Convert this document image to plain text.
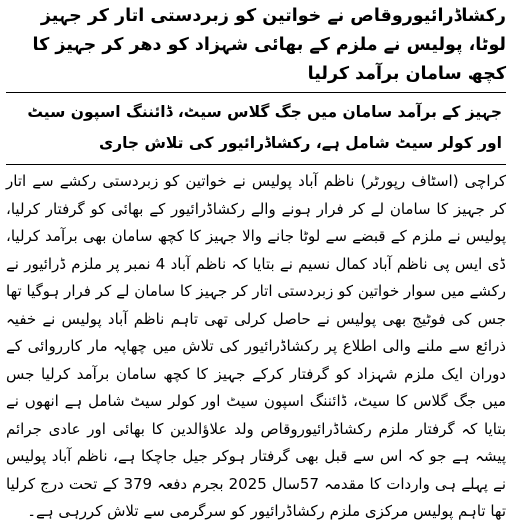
رکشاڈرائیوروقاص نے خواتین کو زبردستی اتار کر جہیز لوٹا، پولیس نے ملزم کے بھائی شہزاد کو دھر کر جہیز کا کچھ سامان برآمد کرلیا
جہیز کے برآمد سامان میں جگ گلاس سیٹ، ڈائننگ اسپون سیٹ اور کولر سیٹ شامل ہے، رکشاڈرائیور کی تلاش جاری

کراچی (اسٹاف رپورٹر) ناظم آباد پولیس نے خواتین کو زبردستی رکشے سے اتار کر جہیز کا سامان لے کر فرار ہونے والے رکشاڈرائیور کے بھائی کو گرفتار کرلیا، پولیس نے ملزم کے قبضے سے لوٹا جانے والا جہیز کا کچھ سامان بھی برآمد کرلیا، ڈی ایس پی ناظم آباد کمال نسیم نے بتایا کہ ناظم آباد 4 نمبر پر ملزم ڈرائیور نے رکشے میں سوار خواتین کو زبردستی اتار کر جہیز کا سامان لے کر فرار ہوگیا تھا جس کی فوٹیج بھی پولیس نے حاصل کرلی تھی تاہم ناظم آباد پولیس نے خفیہ ذرائع سے ملنے والی اطلاع پر رکشاڈرائیور کی تلاش میں چھاپہ مار کارروائی کے دوران ایک ملزم شہزاد کو گرفتار کرکے جہیز کا کچھ سامان برآمد کرلیا جس میں جگ گلاس کا سیٹ، ڈائننگ اسپون سیٹ اور کولر سیٹ شامل ہے انھوں نے بتایا کہ گرفتار ملزم رکشاڈرائیوروقاص ولد علاؤالدین کا بھائی اور عادی جرائم پیشہ ہے جو کہ اس سے قبل بھی گرفتار ہوکر جیل جاچکا ہے، ناظم آباد پولیس نے پہلے ہی واردات کا مقدمہ 57سال 2025 بجرم دفعہ 379 کے تحت درج کرلیا تھا تاہم پولیس مرکزی ملزم رکشاڈرائیور کو سرگرمی سے تلاش کررہی ہے۔
